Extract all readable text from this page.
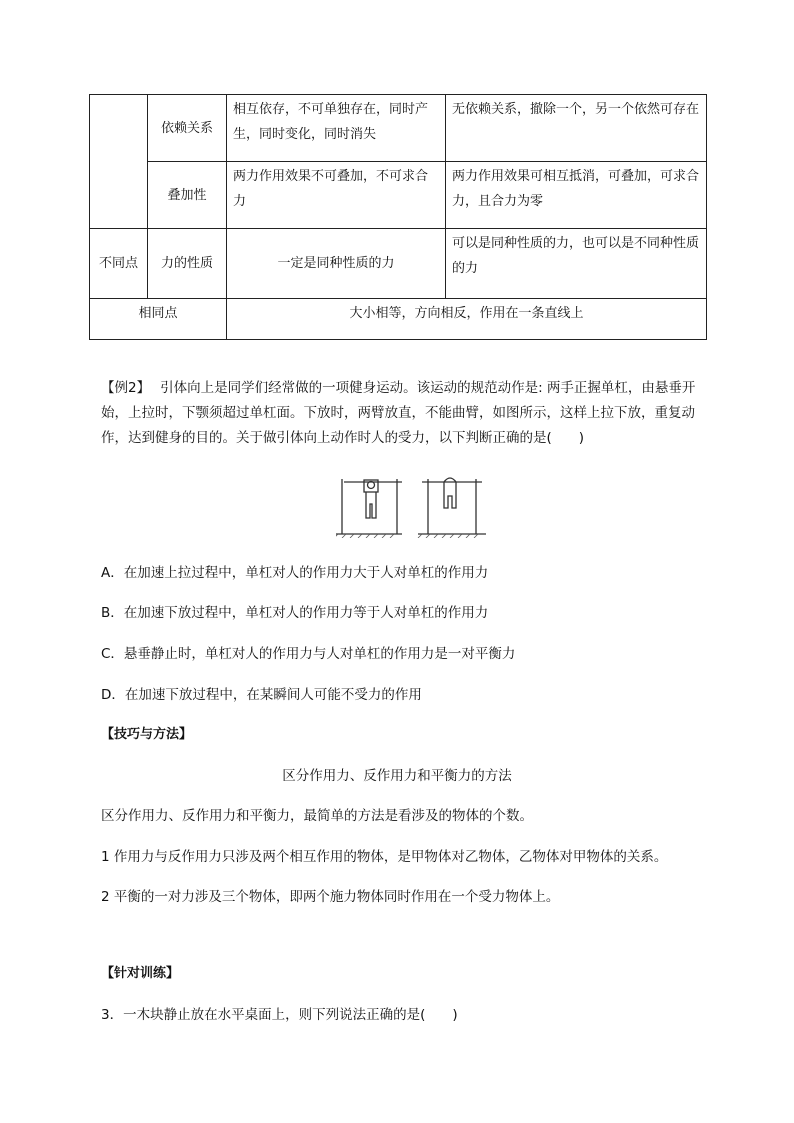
	依赖关系	相互依存，不可单独存在，同时产生，同时变化，同时消失	无依赖关系，撤除一个，另一个依然可存在
	叠加性	两力作用效果不可叠加，不可求合力	两力作用效果可相互抵消，可叠加，可求合力，且合力为零
不同点	力的性质	一定是同种性质的力	可以是同种性质的力，也可以是不同种性质的力
相同点		大小相等，方向相反，作用在一条直线上	
【例2】 引体向上是同学们经常做的一项健身运动。该运动的规范动作是: 两手正握单杠，由悬垂开始，上拉时，下颚须超过单杠面。下放时，两臂放直，不能曲臂，如图所示，这样上拉下放，重复动作，达到健身的目的。关于做引体向上动作时人的受力，以下判断正确的是(　　)
A．在加速上拉过程中，单杠对人的作用力大于人对单杠的作用力
B．在加速下放过程中，单杠对人的作用力等于人对单杠的作用力
C．悬垂静止时，单杠对人的作用力与人对单杠的作用力是一对平衡力
D．在加速下放过程中，在某瞬间人可能不受力的作用
【技巧与方法】
区分作用力、反作用力和平衡力的方法
区分作用力、反作用力和平衡力，最简单的方法是看涉及的物体的个数。
1 作用力与反作用力只涉及两个相互作用的物体，是甲物体对乙物体，乙物体对甲物体的关系。
2 平衡的一对力涉及三个物体，即两个施力物体同时作用在一个受力物体上。
【针对训练】
3．一木块静止放在水平桌面上，则下列说法正确的是(　　)
